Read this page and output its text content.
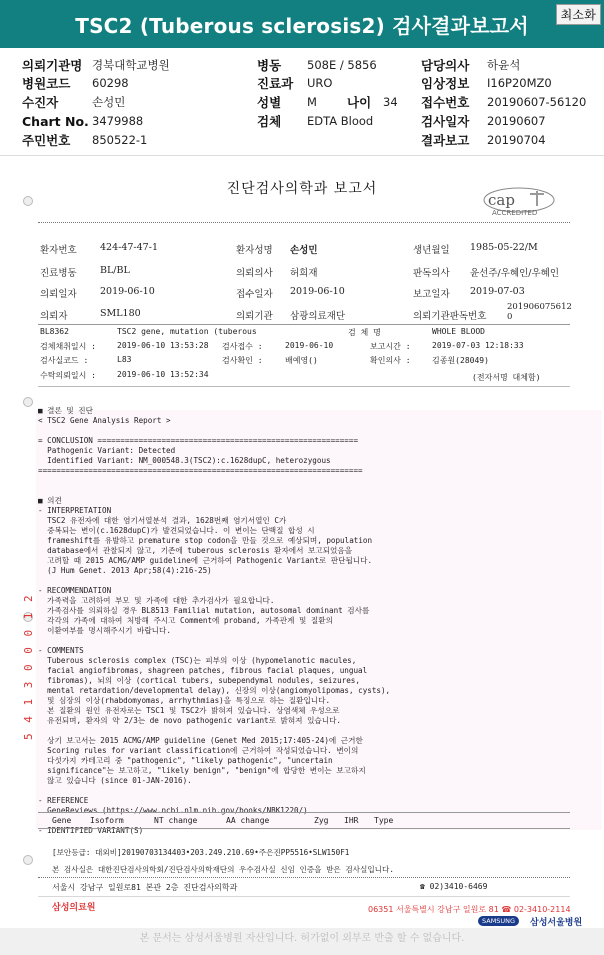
TSC2 (Tuberous sclerosis2) 검사결과보고서	최소화
의뢰기관명 경북대학교병원	병동	508E / 5856	담당의사	하윤석
병원코드	60298	진료과	URO	임상정보	I16P20MZ0
수진자	손성민	성별	M	나이	34	접수번호	20190607-56120
Chart No. 3479988	검체	EDTA Blood	검사일자	20190607
주민번호	850522-1	결과보고	20190704
진단검사의학과 보고서
cap
ACCREDITED
환자번호 424-47-47-1	환자성명 손성민	생년월일 1985-05-22/M
진료병동 BL/BL	의뢰의사 허희재	판독의사 윤선주/우혜인/우혜인
의뢰일자 2019-06-10	접수일자 2019-06-10	보고일자 2019-07-03
의뢰자	SML180	의뢰기관 삼광의료재단	의뢰기관판독번호
201906075612
0
BL8362	TSC2 gene, mutation (tuberous	검 체 명	WHOLE BLOOD
검체채취일시 :	2019-06-10 13:53:28 검사접수 :	2019-06-10	보고시간 :	2019-07-03 12:18:33
검사실코드 :	L83	검사확인 :	배예영()	확인의사 :	김종원(28049)
수탁의뢰일시 :	2019-06-10 13:52:34	(전자서명 대체함)
■ 결론 및 진단
< TSC2 Gene Analysis Report >

= CONCLUSION =========================================================
Pathogenic Variant: Detected
Identified Variant: NM_000548.3(TSC2):c.1628dupC, heterozygous
=======================================================================

■ 의견
- INTERPRETATION
TSC2 유전자에 대한 염기서열분석 결과, 1628번째 염기서열인 C가
중복되는 변이(c.1628dupC)가 발견되었습니다. 이 변이는 단백질 합성 시
frameshift를 유발하고 premature stop codon을 만들 것으로 예상되며, population
database에서 관찰되지 않고, 기존에 tuberous sclerosis 환자에서 보고되었음을
고려할 때 2015 ACMG/AMP guideline에 근거하여 Pathogenic Variant로 판단됩니다.
(J Hum Genet. 2013 Apr;58(4):216-25)

- RECOMMENDATION
가족력을 고려하여 부모 및 가족에 대한 추가검사가 필요합니다.
가족검사를 의뢰하실 경우 BL8513 Familial mutation, autosomal dominant 검사를
각각의 가족에 대하여 처방해 주시고 Comment에 proband, 가족관계 및 질환의
이환여부를 명시해주시기 바랍니다.

- COMMENTS
Tuberous sclerosis complex (TSC)는 피부의 이상 (hypomelanotic macules,
facial angiofibromas, shagreen patches, fibrous facial plaques, ungual
fibromas), 뇌의 이상 (cortical tubers, subependymal nodules, seizures,
mental retardation/developmental delay), 신장의 이상(angiomyolipomas, cysts),
및 심장의 이상(rhabdomyomas, arrhythmias)을 특징으로 하는 질환입니다.
본 질환의 원인 유전자로는 TSC1 및 TSC2가 밝혀져 있습니다. 상염색체 우성으로
유전되며, 환자의 약 2/3는 de novo pathogenic variant로 밝혀져 있습니다.

상기 보고서는 2015 ACMG/AMP guideline (Genet Med 2015;17:405-24)에 근거한
Scoring rules for variant classification에 근거하여 작성되었습니다. 변이의
다섯가지 카테고리 중 "pathogenic", "likely pathogenic", "uncertain
significance"는 보고하고, "likely benign", "benign"에 합당한 변이는 보고하지
않고 있습니다 (since 01-JAN-2016).

- REFERENCE
GeneReviews (https://www.ncbi.nlm.nih.gov/books/NBK1220/)

- IDENTIFIED VARIANT(S)
Gene	Isoform	NT change	AA change	Zyg	IHR	Type
5 4 1 3 0 0 0 1 2
[보안등급: 대외비]20190703134403•203.249.210.69•주은진PP5516•SLW150F1
본 검사실은 대한진단검사의학회/진단검사의학재단의 우수검사실 신임 인증을 받은 검사실입니다.
서울시 강남구 일원로81 본관 2층 진단검사의학과	☎ 02)3410-6469
삼성의료원	06351 서울특별시 강남구 일원로 81 ☎ 02-3410-2114
SAMSUNG	삼성서울병원
본 문서는 삼성서울병원 자산입니다. 허가없이 외부로 반출 할 수 없습니다.
